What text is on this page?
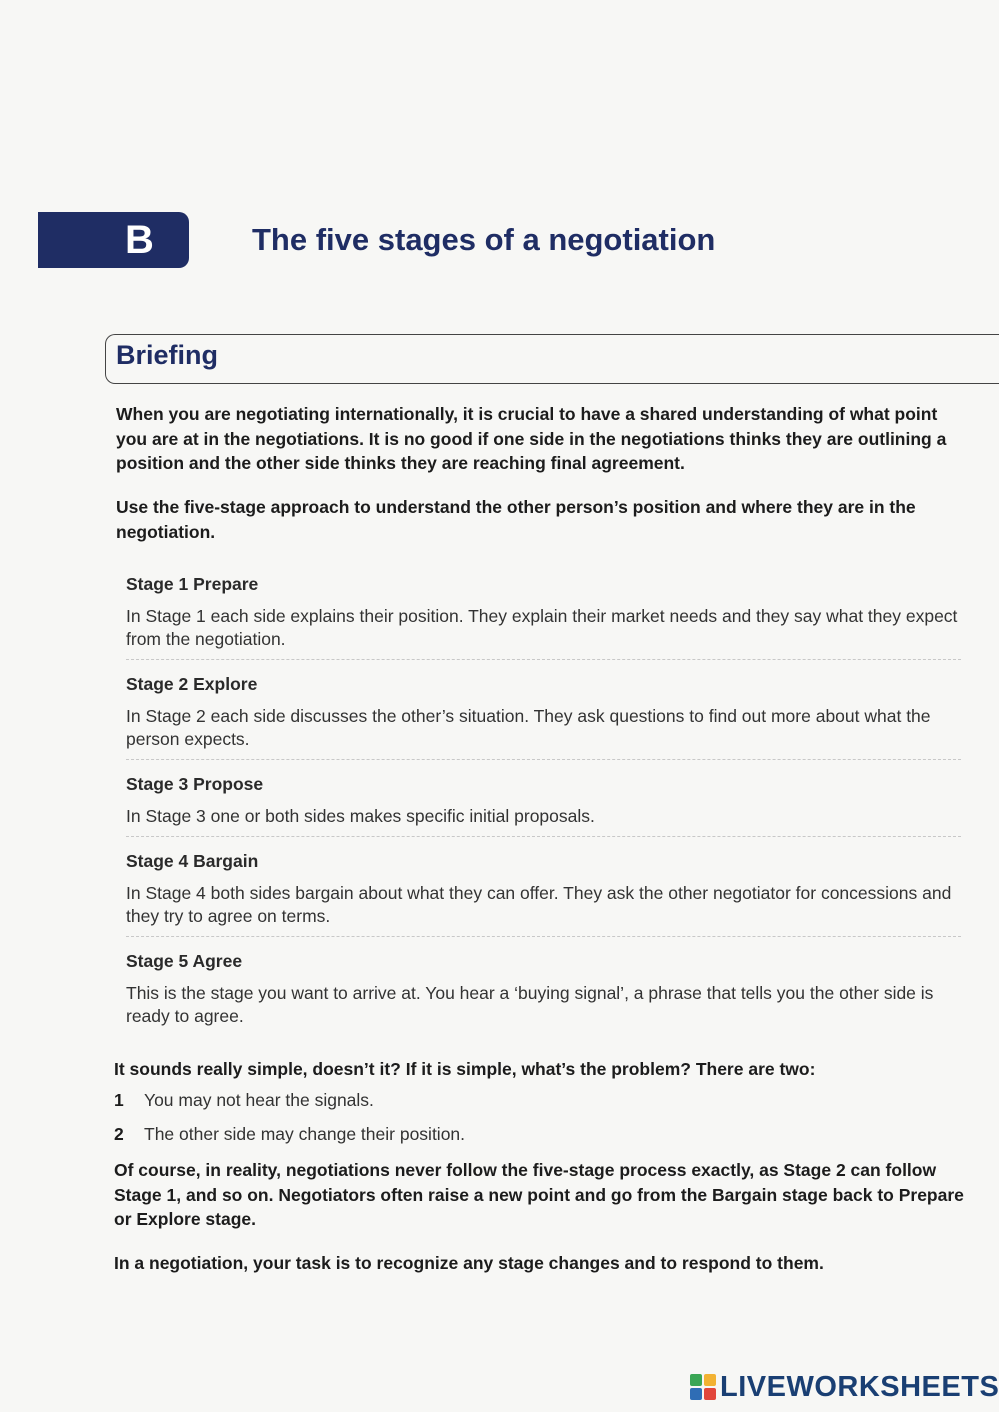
B	The five stages of a negotiation
Briefing

When you are negotiating internationally, it is crucial to have a shared understanding of what point you are at in the negotiations. It is no good if one side in the negotiations thinks they are outlining a position and the other side thinks they are reaching final agreement.

Use the five-stage approach to understand the other person’s position and where they are in the negotiation.

Stage 1 Prepare

In Stage 1 each side explains their position. They explain their market needs and they say what they expect from the negotiation.

Stage 2 Explore

In Stage 2 each side discusses the other’s situation. They ask questions to find out more about what the person expects.

Stage 3 Propose

In Stage 3 one or both sides makes specific initial proposals.

Stage 4 Bargain

In Stage 4 both sides bargain about what they can offer. They ask the other negotiator for concessions and they try to agree on terms.

Stage 5 Agree

This is the stage you want to arrive at. You hear a ‘buying signal’, a phrase that tells you the other side is ready to agree.

It sounds really simple, doesn’t it? If it is simple, what’s the problem? There are two:

1	You may not hear the signals.
2	The other side may change their position.

Of course, in reality, negotiations never follow the five-stage process exactly, as Stage 2 can follow Stage 1, and so on. Negotiators often raise a new point and go from the Bargain stage back to Prepare or Explore stage.

In a negotiation, your task is to recognize any stage changes and to respond to them.

LIVEWORKSHEETS
